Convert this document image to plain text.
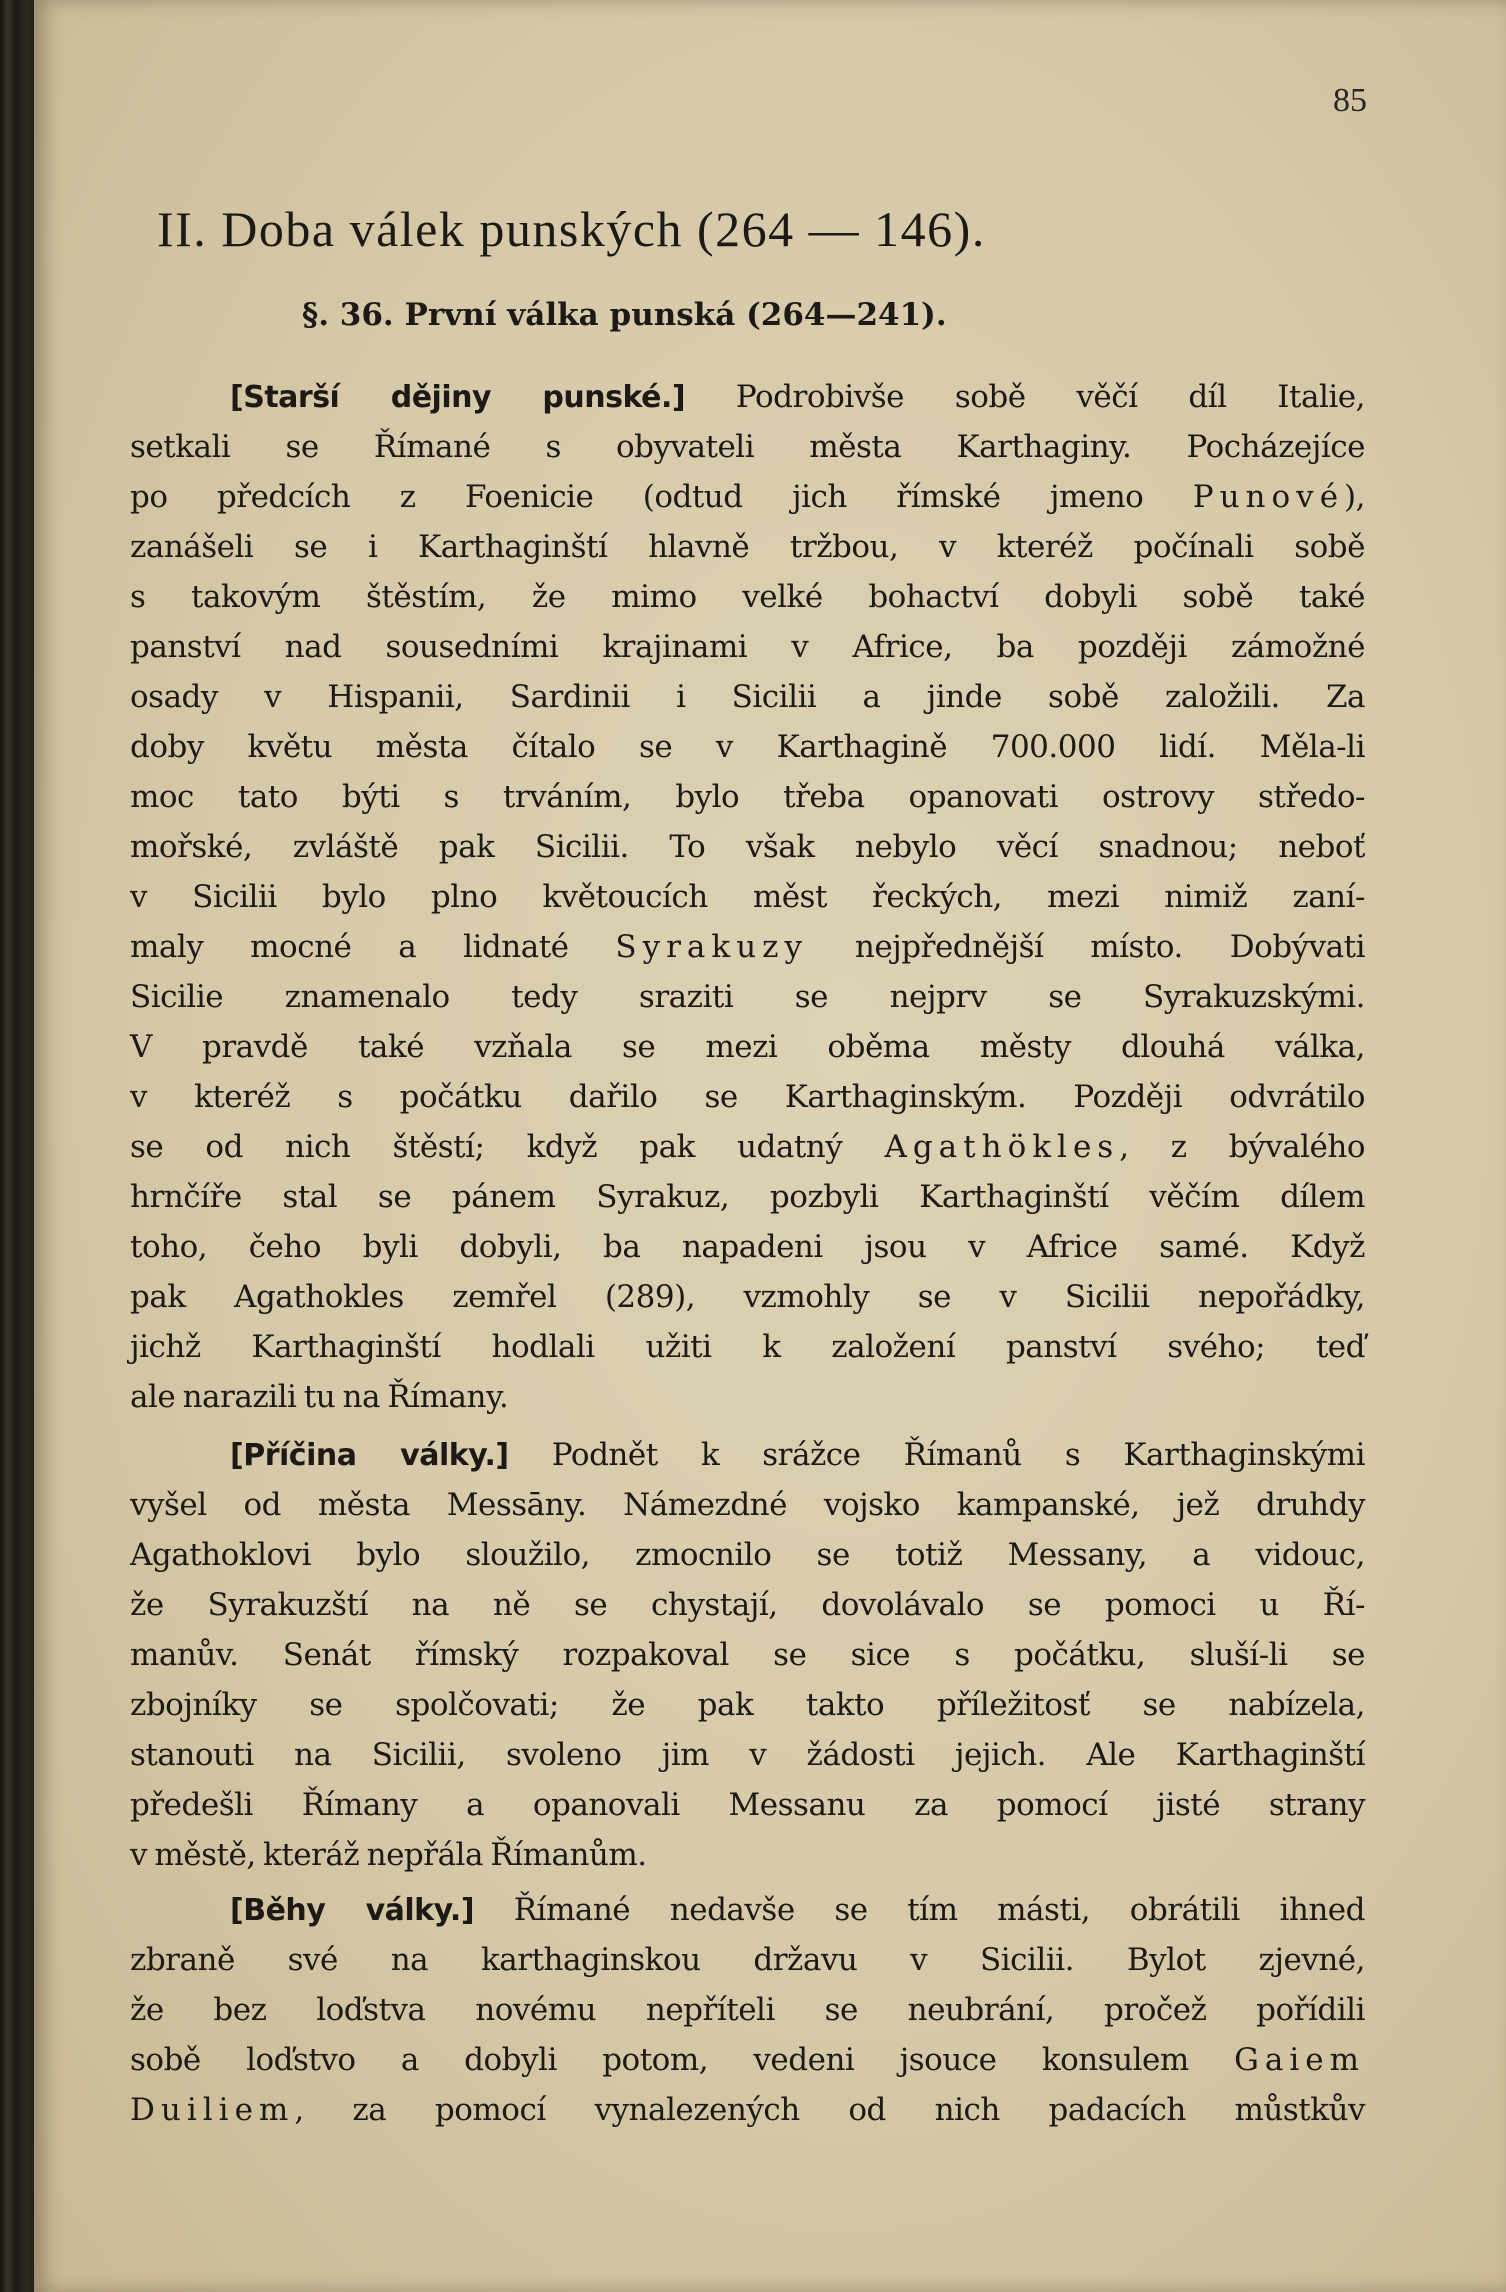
85
II. Doba válek punských (264 — 146).
§. 36. První válka punská (264—241).
[Starší dějiny punské.] Podrobivše sobě věčí díl Italie,
setkali se Římané s obyvateli města Karthaginy. Pocházejíce
po předcích z Foenicie (odtud jich římské jmeno Punové),
zanášeli se i Karthaginští hlavně tržbou, v kteréž počínali sobě
s takovým štěstím, že mimo velké bohactví dobyli sobě také
panství nad sousedními krajinami v Africe, ba později zámožné
osady v Hispanii, Sardinii i Sicilii a jinde sobě založili. Za
doby květu města čítalo se v Karthagině 700.000 lidí. Měla-li
moc tato býti s trváním, bylo třeba opanovati ostrovy středo-
mořské, zvláště pak Sicilii. To však nebylo věcí snadnou; neboť
v Sicilii bylo plno květoucích měst řeckých, mezi nimiž zaní-
maly mocné a lidnaté Syrakuzy nejpřednější místo. Dobývati
Sicilie znamenalo tedy sraziti se nejprv se Syrakuzskými.
V pravdě také vzňala se mezi oběma městy dlouhá válka,
v kteréž s počátku dařilo se Karthaginským. Později odvrátilo
se od nich štěstí; když pak udatný Agathökles, z bývalého
hrnčíře stal se pánem Syrakuz, pozbyli Karthaginští věčím dílem
toho, čeho byli dobyli, ba napadeni jsou v Africe samé. Když
pak Agathokles zemřel (289), vzmohly se v Sicilii nepořádky,
jichž Karthaginští hodlali užiti k založení panství svého; teď
ale narazili tu na Římany.
[Příčina války.] Podnět k srážce Římanů s Karthaginskými
vyšel od města Messāny. Námezdné vojsko kampanské, jež druhdy
Agathoklovi bylo sloužilo, zmocnilo se totiž Messany, a vidouc,
že Syrakuzští na ně se chystají, dovolávalo se pomoci u Ří-
manův. Senát římský rozpakoval se sice s počátku, sluší-li se
zbojníky se spolčovati; že pak takto příležitosť se nabízela,
stanouti na Sicilii, svoleno jim v žádosti jejich. Ale Karthaginští
předešli Římany a opanovali Messanu za pomocí jisté strany
v městě, kteráž nepřála Římanům.
[Běhy války.] Římané nedavše se tím másti, obrátili ihned
zbraně své na karthaginskou državu v Sicilii. Bylot zjevné,
že bez loďstva novému nepříteli se neubrání, pročež pořídili
sobě loďstvo a dobyli potom, vedeni jsouce konsulem Gaiem
Duiliem, za pomocí vynalezených od nich padacích můstkův
